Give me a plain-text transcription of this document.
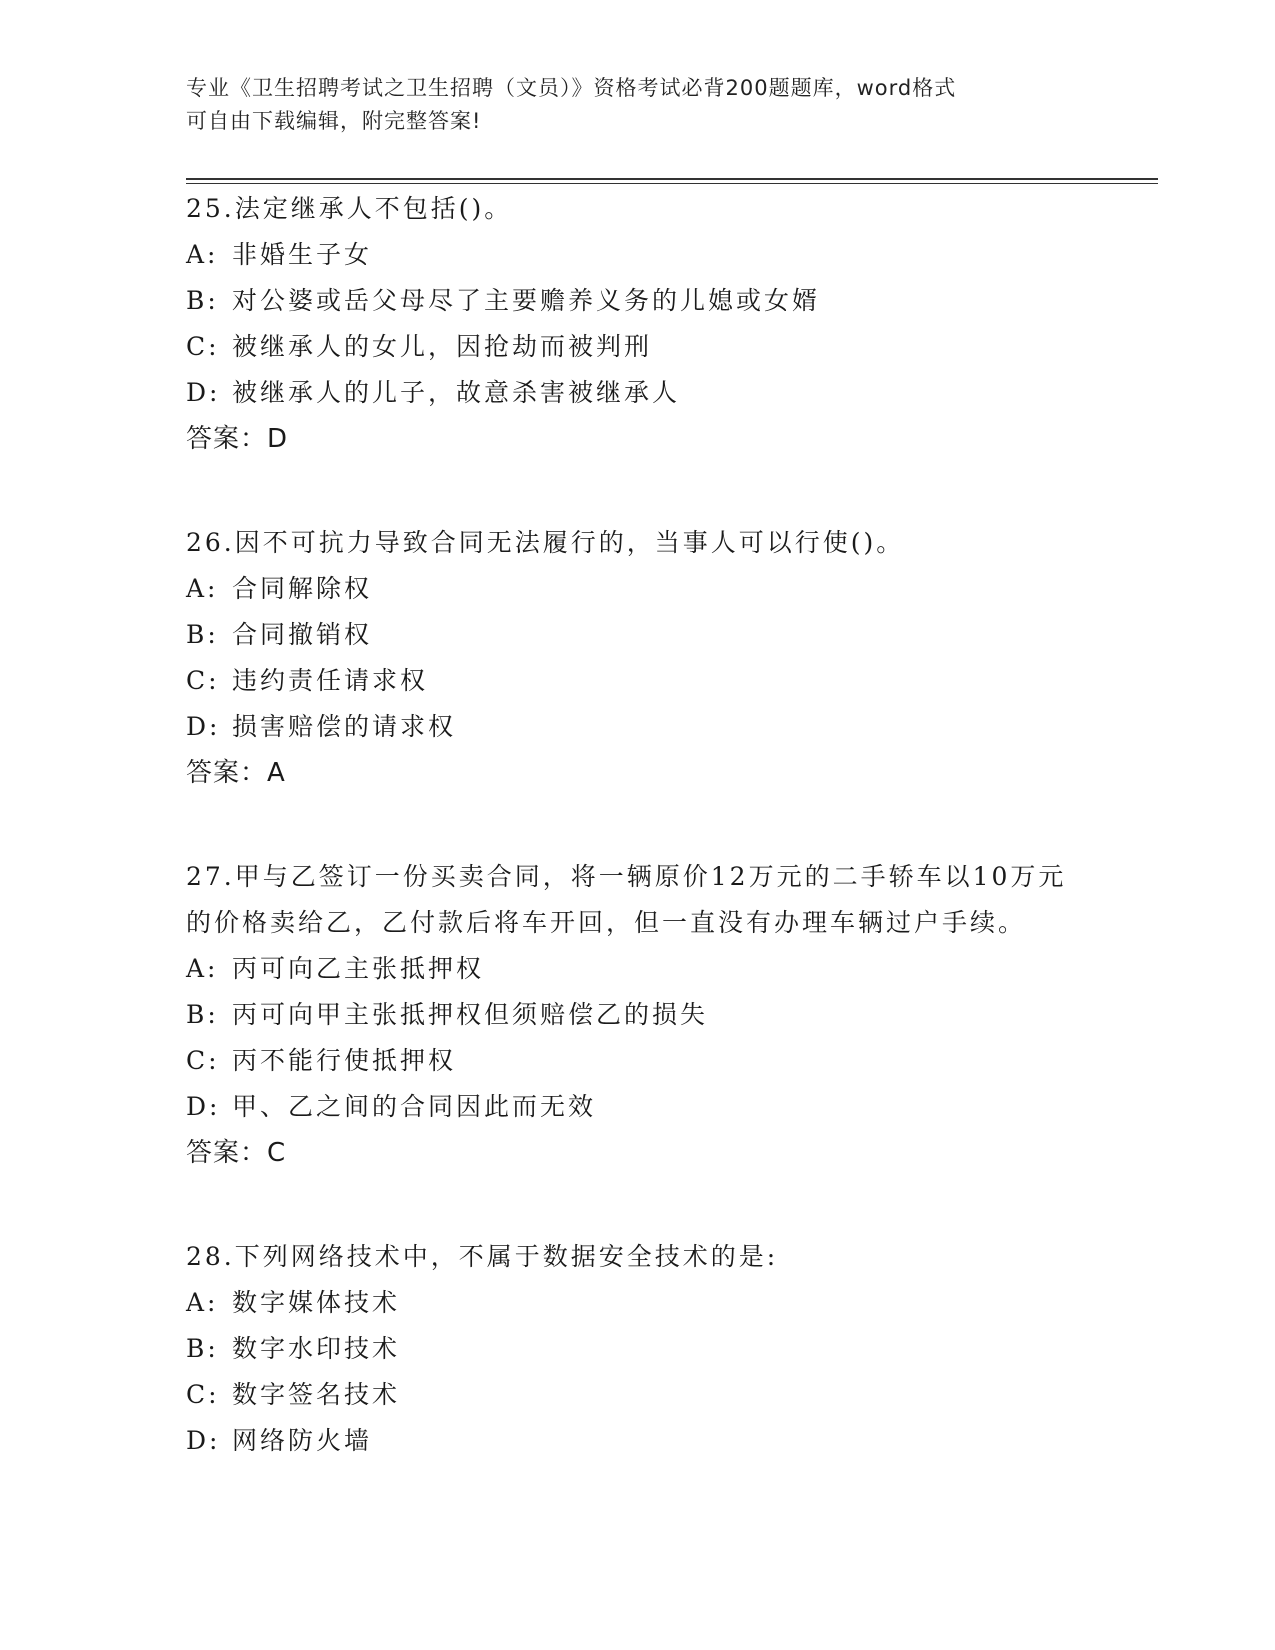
专业《卫生招聘考试之卫生招聘（文员）》资格考试必背200题题库，word格式
可自由下载编辑，附完整答案!
25.法定继承人不包括()。
A: 非婚生子女
B: 对公婆或岳父母尽了主要赡养义务的儿媳或女婿
C: 被继承人的女儿，因抢劫而被判刑
D: 被继承人的儿子，故意杀害被继承人
答案：D
26.因不可抗力导致合同无法履行的，当事人可以行使()。
A: 合同解除权
B: 合同撤销权
C: 违约责任请求权
D: 损害赔偿的请求权
答案：A
27.甲与乙签订一份买卖合同，将一辆原价12万元的二手轿车以10万元的价格卖给乙，乙付款后将车开回，但一直没有办理车辆过户手续。
A: 丙可向乙主张抵押权
B: 丙可向甲主张抵押权但须赔偿乙的损失
C: 丙不能行使抵押权
D: 甲、乙之间的合同因此而无效
答案：C
28.下列网络技术中，不属于数据安全技术的是:
A: 数字媒体技术
B: 数字水印技术
C: 数字签名技术
D: 网络防火墙
